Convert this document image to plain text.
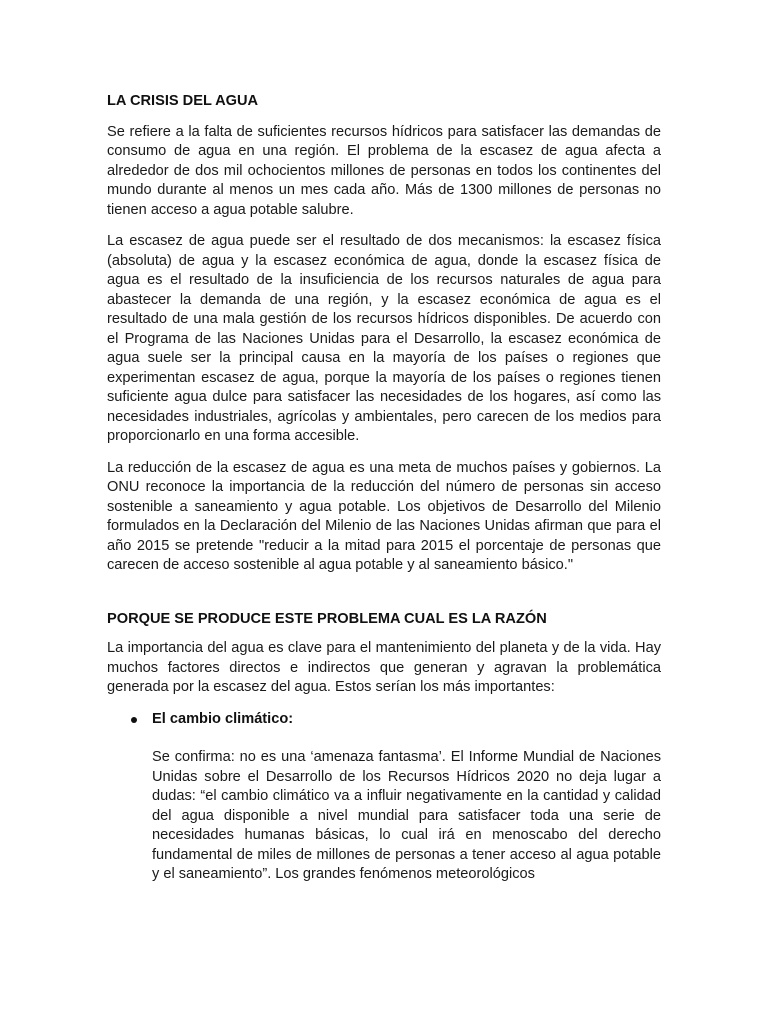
LA CRISIS DEL AGUA

Se refiere a la falta de suficientes recursos hídricos para satisfacer las demandas de consumo de agua en una región. El problema de la escasez de agua afecta a alrededor de dos mil ochocientos millones de personas en todos los continentes del mundo durante al menos un mes cada año. Más de 1300 millones de personas no tienen acceso a agua potable salubre.

La escasez de agua puede ser el resultado de dos mecanismos: la escasez física (absoluta) de agua y la escasez económica de agua, donde la escasez física de agua es el resultado de la insuficiencia de los recursos naturales de agua para abastecer la demanda de una región, y la escasez económica de agua es el resultado de una mala gestión de los recursos hídricos disponibles. De acuerdo con el Programa de las Naciones Unidas para el Desarrollo, la escasez económica de agua suele ser la principal causa en la mayoría de los países o regiones que experimentan escasez de agua, porque la mayoría de los países o regiones tienen suficiente agua dulce para satisfacer las necesidades de los hogares, así como las necesidades industriales, agrícolas y ambientales, pero carecen de los medios para proporcionarlo en una forma accesible.

La reducción de la escasez de agua es una meta de muchos países y gobiernos. La ONU reconoce la importancia de la reducción del número de personas sin acceso sostenible a saneamiento y agua potable. Los objetivos de Desarrollo del Milenio formulados en la Declaración del Milenio de las Naciones Unidas afirman que para el año 2015 se pretende "reducir a la mitad para 2015 el porcentaje de personas que carecen de acceso sostenible al agua potable y al saneamiento básico."

PORQUE SE PRODUCE ESTE PROBLEMA CUAL ES LA RAZÓN

La importancia del agua es clave para el mantenimiento del planeta y de la vida. Hay muchos factores directos e indirectos que generan y agravan la problemática generada por la escasez del agua. Estos serían los más importantes:

El cambio climático:

Se confirma: no es una ‘amenaza fantasma’. El Informe Mundial de Naciones Unidas sobre el Desarrollo de los Recursos Hídricos 2020 no deja lugar a dudas: “el cambio climático va a influir negativamente en la cantidad y calidad del agua disponible a nivel mundial para satisfacer toda una serie de necesidades humanas básicas, lo cual irá en menoscabo del derecho fundamental de miles de millones de personas a tener acceso al agua potable y el saneamiento”. Los grandes fenómenos meteorológicos
